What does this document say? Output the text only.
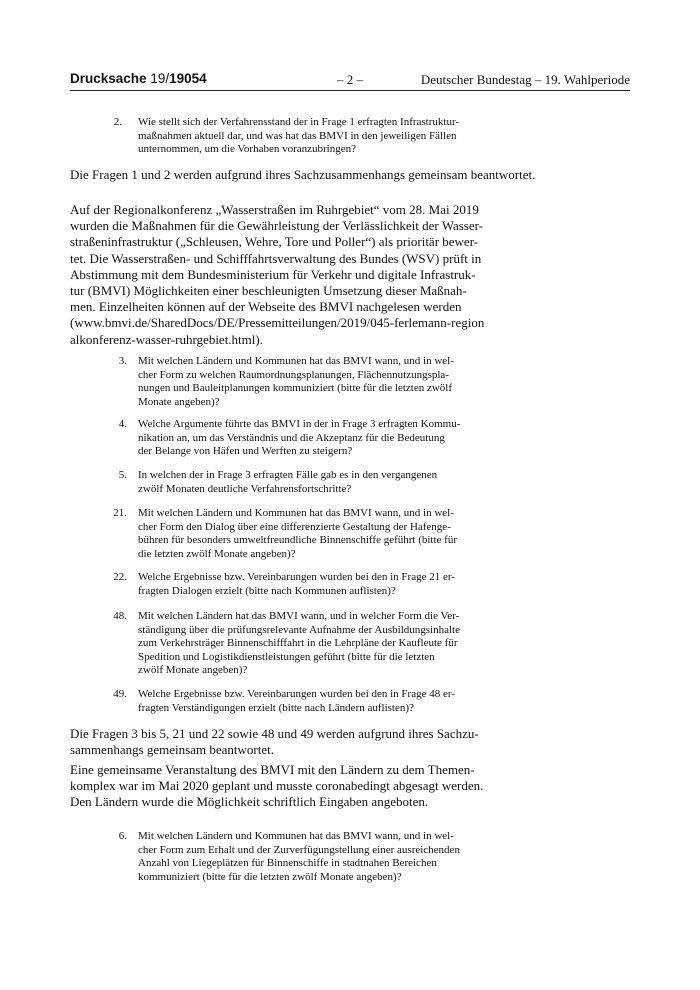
Drucksache 19/19054	– 2 –	Deutscher Bundestag – 19. Wahlperiode
2. Wie stellt sich der Verfahrensstand der in Frage 1 erfragten Infrastruktur-
maßnahmen aktuell dar, und was hat das BMVI in den jeweiligen Fällen
unternommen, um die Vorhaben voranzubringen?
Die Fragen 1 und 2 werden aufgrund ihres Sachzusammenhangs gemeinsam beantwortet.
Auf der Regionalkonferenz „Wasserstraßen im Ruhrgebiet“ vom 28. Mai 2019
wurden die Maßnahmen für die Gewährleistung der Verlässlichkeit der Wasser-
straßeninfrastruktur („Schleusen, Wehre, Tore und Poller“) als prioritär bewer-
tet. Die Wasserstraßen- und Schifffahrtsverwaltung des Bundes (WSV) prüft in
Abstimmung mit dem Bundesministerium für Verkehr und digitale Infrastruk-
tur (BMVI) Möglichkeiten einer beschleunigten Umsetzung dieser Maßnah-
men. Einzelheiten können auf der Webseite des BMVI nachgelesen werden
(www.bmvi.de/SharedDocs/DE/Pressemitteilungen/2019/045-ferlemann-region
alkonferenz-wasser-ruhrgebiet.html).
3. Mit welchen Ländern und Kommunen hat das BMVI wann, und in wel-
cher Form zu welchen Raumordnungsplanungen, Flächennutzungspla-
nungen und Bauleitplanungen kommuniziert (bitte für die letzten zwölf
Monate angeben)?
4. Welche Argumente führte das BMVI in der in Frage 3 erfragten Kommu-
nikation an, um das Verständnis und die Akzeptanz für die Bedeutung
der Belange von Häfen und Werften zu steigern?
5. In welchen der in Frage 3 erfragten Fälle gab es in den vergangenen
zwölf Monaten deutliche Verfahrensfortschritte?
21. Mit welchen Ländern und Kommunen hat das BMVI wann, und in wel-
cher Form den Dialog über eine differenzierte Gestaltung der Hafenge-
bühren für besonders umweltfreundliche Binnenschiffe geführt (bitte für
die letzten zwölf Monate angeben)?
22. Welche Ergebnisse bzw. Vereinbarungen wurden bei den in Frage 21 er-
fragten Dialogen erzielt (bitte nach Kommunen auflisten)?
48. Mit welchen Ländern hat das BMVI wann, und in welcher Form die Ver-
ständigung über die prüfungsrelevante Aufnahme der Ausbildungsinhalte
zum Verkehrsträger Binnenschifffahrt in die Lehrpläne der Kaufleute für
Spedition und Logistikdienstleistungen geführt (bitte für die letzten
zwölf Monate angeben)?
49. Welche Ergebnisse bzw. Vereinbarungen wurden bei den in Frage 48 er-
fragten Verständigungen erzielt (bitte nach Ländern auflisten)?
Die Fragen 3 bis 5, 21 und 22 sowie 48 und 49 werden aufgrund ihres Sachzu-
sammenhangs gemeinsam beantwortet.
Eine gemeinsame Veranstaltung des BMVI mit den Ländern zu dem Themen-
komplex war im Mai 2020 geplant und musste coronabedingt abgesagt werden.
Den Ländern wurde die Möglichkeit schriftlich Eingaben angeboten.
6. Mit welchen Ländern und Kommunen hat das BMVI wann, und in wel-
cher Form zum Erhalt und der Zurverfügungstellung einer ausreichenden
Anzahl von Liegeplätzen für Binnenschiffe in stadtnahen Bereichen
kommuniziert (bitte für die letzten zwölf Monate angeben)?
